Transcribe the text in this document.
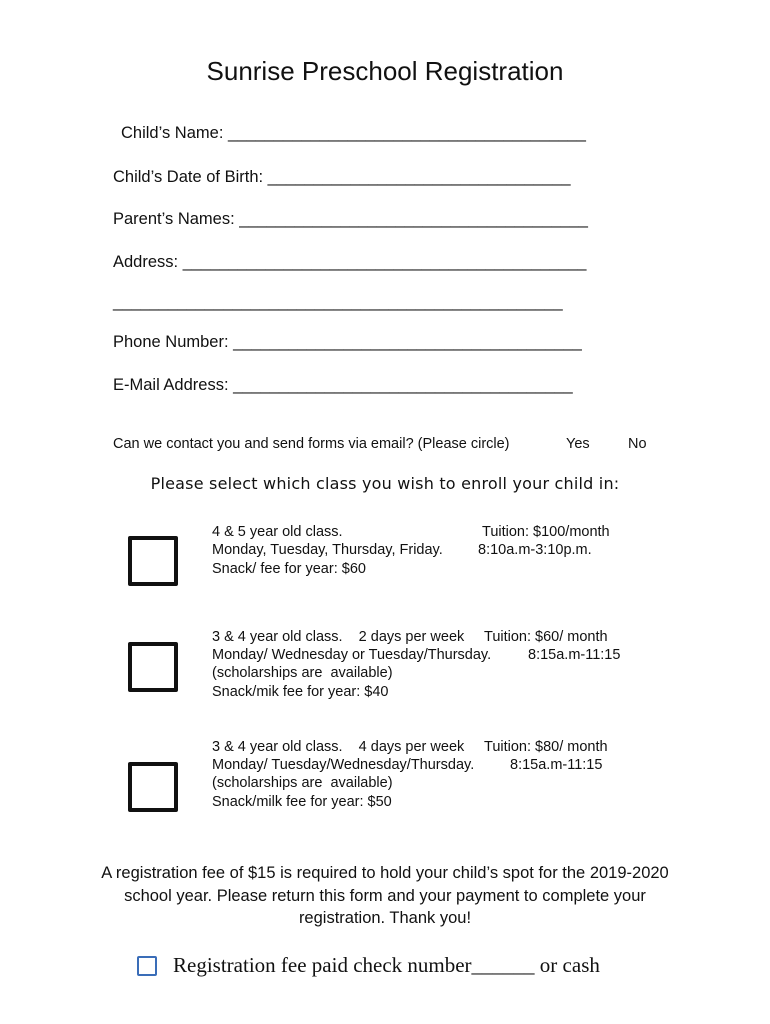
Sunrise Preschool Registration
Child’s Name: _______________________________________
Child’s Date of Birth: _________________________________
Parent’s Names: ______________________________________
Address: ____________________________________________
_________________________________________________
Phone Number: ______________________________________
E-Mail Address: _____________________________________
Can we contact you and send forms via email? (Please circle)	Yes	No
Please select which class you wish to enroll your child in:
4 & 5 year old class.	Tuition: $100/month
Monday, Tuesday, Thursday, Friday. 8:10a.m-3:10p.m.
Snack/ fee for year: $60
3 & 4 year old class.    2 days per week Tuition: $60/ month
Monday/ Wednesday or Tuesday/Thursday.	8:15a.m-11:15
(scholarships are  available)
Snack/mik fee for year: $40
3 & 4 year old class.    4 days per week Tuition: $80/ month
Monday/ Tuesday/Wednesday/Thursday. 8:15a.m-11:15
(scholarships are  available)
Snack/milk fee for year: $50
A registration fee of $15 is required to hold your child’s spot for the 2019-2020 school year. Please return this form and your payment to complete your registration. Thank you!
Registration fee paid check number______ or cash
